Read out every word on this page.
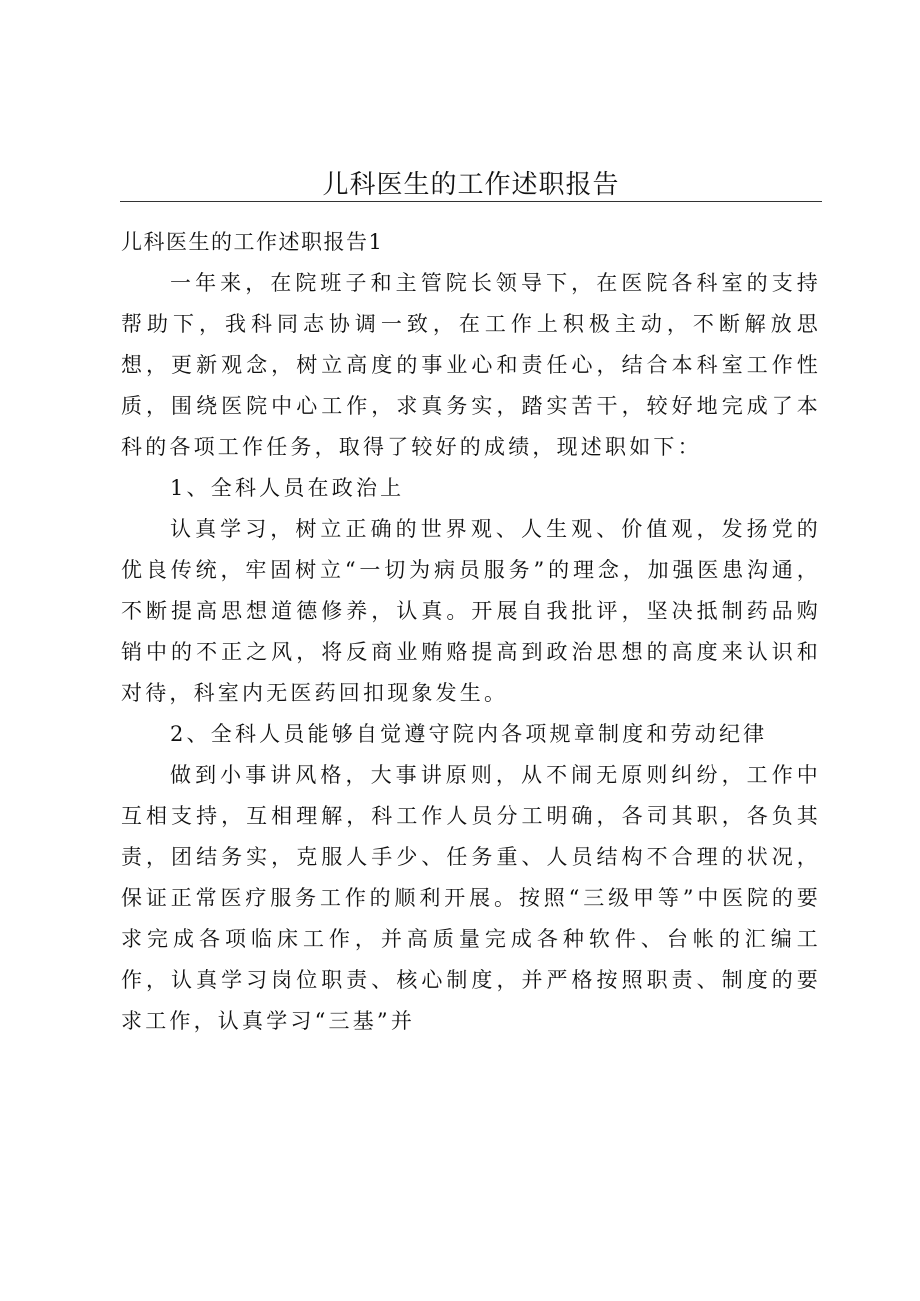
儿科医生的工作述职报告

儿科医生的工作述职报告1

一年来，在院班子和主管院长领导下，在医院各科室的支持帮助下，我科同志协调一致，在工作上积极主动，不断解放思想，更新观念，树立高度的事业心和责任心，结合本科室工作性质，围绕医院中心工作，求真务实，踏实苦干，较好地完成了本科的各项工作任务，取得了较好的成绩，现述职如下：

1、全科人员在政治上

认真学习，树立正确的世界观、人生观、价值观，发扬党的优良传统，牢固树立“一切为病员服务”的理念，加强医患沟通，不断提高思想道德修养，认真。开展自我批评，坚决抵制药品购销中的不正之风，将反商业贿赂提高到政治思想的高度来认识和对待，科室内无医药回扣现象发生。

2、全科人员能够自觉遵守院内各项规章制度和劳动纪律

做到小事讲风格，大事讲原则，从不闹无原则纠纷，工作中互相支持，互相理解，科工作人员分工明确，各司其职，各负其责，团结务实，克服人手少、任务重、人员结构不合理的状况，保证正常医疗服务工作的顺利开展。按照“三级甲等”中医院的要求完成各项临床工作，并高质量完成各种软件、台帐的汇编工作，认真学习岗位职责、核心制度，并严格按照职责、制度的要求工作，认真学习“三基”并
